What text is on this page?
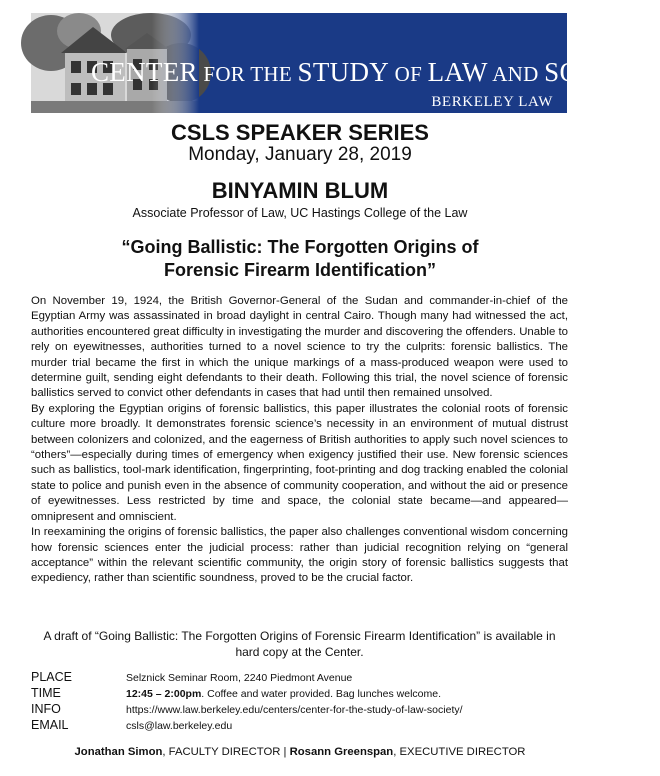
CENTER FOR THE STUDY OF LAW AND SOCIETY
BERKELEY LAW
CSLS SPEAKER SERIES
Monday, January 28, 2019
BINYAMIN BLUM
Associate Professor of Law, UC Hastings College of the Law
“Going Ballistic: The Forgotten Origins of
Forensic Firearm Identification”

On November 19, 1924, the British Governor-General of the Sudan and commander-in-chief of the Egyptian Army was assassinated in broad daylight in central Cairo. Though many had witnessed the act, authorities encountered great difficulty in investigating the murder and discovering the offenders. Unable to rely on eyewitnesses, authorities turned to a novel science to try the culprits: forensic ballistics. The murder trial became the first in which the unique markings of a mass-produced weapon were used to determine guilt, sending eight defendants to their death. Following this trial, the novel science of forensic ballistics served to convict other defendants in cases that had until then remained unsolved.

By exploring the Egyptian origins of forensic ballistics, this paper illustrates the colonial roots of forensic culture more broadly. It demonstrates forensic science’s necessity in an environment of mutual distrust between colonizers and colonized, and the eagerness of British authorities to apply such novel sciences to “others”—especially during times of emergency when exigency justified their use. New forensic sciences such as ballistics, tool-mark identification, fingerprinting, foot-printing and dog tracking enabled the colonial state to police and punish even in the absence of community cooperation, and without the aid or presence of eyewitnesses. Less restricted by time and space, the colonial state became—and appeared—omnipresent and omniscient.

In reexamining the origins of forensic ballistics, the paper also challenges conventional wisdom concerning how forensic sciences enter the judicial process: rather than judicial recognition relying on “general acceptance” within the relevant scientific community, the origin story of forensic ballistics suggests that expediency, rather than scientific soundness, proved to be the crucial factor.

A draft of “Going Ballistic: The Forgotten Origins of Forensic Firearm Identification” is available in hard copy at the Center.
PLACE	Selznick Seminar Room, 2240 Piedmont Avenue
TIME	12:45 – 2:00pm. Coffee and water provided. Bag lunches welcome.
INFO	https://www.law.berkeley.edu/centers/center-for-the-study-of-law-society/
EMAIL	csls@law.berkeley.edu
Jonathan Simon, FACULTY DIRECTOR | Rosann Greenspan, EXECUTIVE DIRECTOR
